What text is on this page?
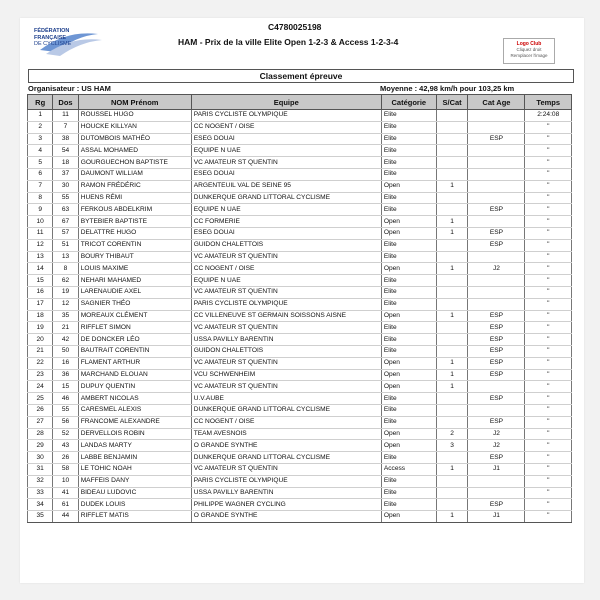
FÉDÉRATION
FRANÇAISE
DE CYCLISME
C4780025198
HAM - Prix de la ville Elite Open 1-2-3 & Access 1-2-3-4	Logo Club
Cliquez droit
Remplacer l'image
Classement épreuve
Organisateur : US HAM	Moyenne : 42,98 km/h pour 103,25 km
Rg	Dos	NOM Prénom	Equipe	Catégorie	S/Cat	Cat Age	Temps
1	11	ROUSSEL HUGO	PARIS CYCLISTE OLYMPIQUE	Elite			2:24:08
2	7	HOUCKE KILLYAN	CC NOGENT / OISE	Elite			"
3	38	DUTOMBOIS MATHÉO	ESEG DOUAI	Elite		ESP	"
4	54	ASSAL MOHAMED	EQUIPE N UAE	Elite			"
5	18	GOURGUECHON BAPTISTE	VC AMATEUR ST QUENTIN	Elite			"
6	37	DAUMONT WILLIAM	ESEG DOUAI	Elite			"
7	30	RAMON FRÉDÉRIC	ARGENTEUIL VAL DE SEINE 95	Open	1		"
8	55	HUENS RÉMI	DUNKERQUE GRAND LITTORAL CYCLISME	Elite			"
9	63	FERKOUS ABDELKRIM	EQUIPE N UAE	Elite		ESP	"
10	67	BYTEBIER BAPTISTE	CC FORMERIE	Open	1		"
11	57	DELATTRE HUGO	ESEG DOUAI	Open	1	ESP	"
12	51	TRICOT CORENTIN	GUIDON CHALETTOIS	Elite		ESP	"
13	13	BOURY THIBAUT	VC AMATEUR ST QUENTIN	Elite			"
14	8	LOUIS MAXIME	CC NOGENT / OISE	Open	1	J2	"
15	62	NEHARI MAHAMED	EQUIPE N UAE	Elite			"
16	19	LARENAUDIE AXEL	VC AMATEUR ST QUENTIN	Elite			"
17	12	SAGNIER THÉO	PARIS CYCLISTE OLYMPIQUE	Elite			"
18	35	MOREAUX CLÉMENT	CC VILLENEUVE ST GERMAIN SOISSONS AISNE	Open	1	ESP	"
19	21	RIFFLET SIMON	VC AMATEUR ST QUENTIN	Elite		ESP	"
20	42	DE DONCKER LÉO	USSA PAVILLY BARENTIN	Elite		ESP	"
21	50	BAUTRAIT CORENTIN	GUIDON CHALETTOIS	Elite		ESP	"
22	16	FLAMENT ARTHUR	VC AMATEUR ST QUENTIN	Open	1	ESP	"
23	36	MARCHAND ELOUAN	VCU SCHWENHEIM	Open	1	ESP	"
24	15	DUPUY QUENTIN	VC AMATEUR ST QUENTIN	Open	1		"
25	46	AMBERT NICOLAS	U.V.AUBE	Elite		ESP	"
26	55	CARESMEL ALEXIS	DUNKERQUE GRAND LITTORAL CYCLISME	Elite			"
27	56	FRANCOME ALEXANDRE	CC NOGENT / OISE	Elite		ESP	"
28	52	DERVELLOIS ROBIN	TEAM AVESNOIS	Open	2	J2	"
29	43	LANDAS MARTY	O GRANDE SYNTHE	Open	3	J2	"
30	26	LABBE BENJAMIN	DUNKERQUE GRAND LITTORAL CYCLISME	Elite		ESP	"
31	58	LE TOHIC NOAH	VC AMATEUR ST QUENTIN	Access	1	J1	"
32	10	MAFFEIS DANY	PARIS CYCLISTE OLYMPIQUE	Elite			"
33	41	BIDEAU LUDOVIC	USSA PAVILLY BARENTIN	Elite			"
34	61	DUDEK LOUIS	PHILIPPE WAGNER CYCLING	Elite		ESP	"
35	44	RIFFLET MATIS	O GRANDE SYNTHE	Open	1	J1	"
